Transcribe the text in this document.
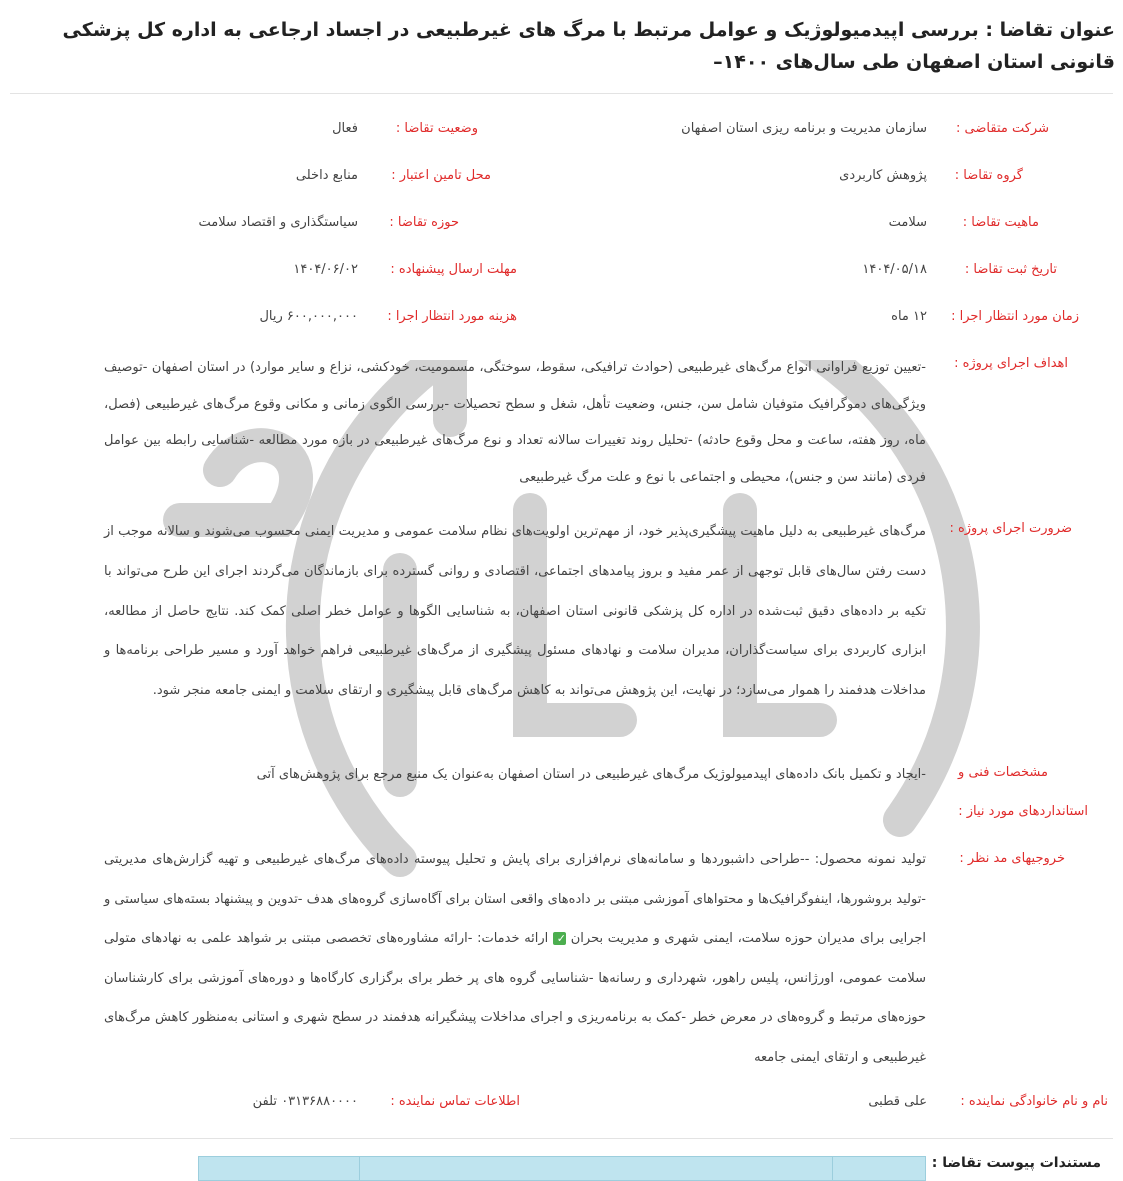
عنوان تقاضا : بررسی اپیدمیولوژیک و عوامل مرتبط با مرگ های غیرطبیعی در اجساد ارجاعی به اداره کل پزشکی قانونی استان اصفهان طی سال‌های ۱۴۰۰–
شرکت متقاضی :
سازمان مدیریت و برنامه ریزی استان اصفهان
وضعیت تقاضا :
فعال
گروه تقاضا :
پژوهش کاربردی
محل تامین اعتبار :
منابع داخلی
ماهیت تقاضا :
سلامت
حوزه تقاضا :
سیاستگذاری و اقتصاد سلامت
تاریخ ثبت تقاضا :
۱۴۰۴/۰۵/۱۸
مهلت ارسال پیشنهاده :
۱۴۰۴/۰۶/۰۲
زمان مورد انتظار اجرا :
۱۲ ماه
هزینه مورد انتظار اجرا :
۶۰۰,۰۰۰,۰۰۰ ریال
اهداف اجرای پروژه :

-تعیین توزیع فراوانی انواع مرگ‌های غیرطبیعی (حوادث ترافیکی، سقوط، سوختگی، مسمومیت، خودکشی، نزاع و سایر موارد) در استان اصفهان -توصیف ویژگی‌های دموگرافیک متوفیان شامل سن، جنس، وضعیت تأهل، شغل و سطح تحصیلات -بررسی الگوی زمانی و مکانی وقوع مرگ‌های غیرطبیعی (فصل، ماه، روز هفته، ساعت و محل وقوع حادثه) -تحلیل روند تغییرات سالانه تعداد و نوع مرگ‌های غیرطبیعی در بازه مورد مطالعه -شناسایی رابطه بین عوامل فردی (مانند سن و جنس)، محیطی و اجتماعی با نوع و علت مرگ غیرطبیعی

ضرورت اجرای پروژه :

مرگ‌های غیرطبیعی به دلیل ماهیت پیشگیری‌پذیر خود، از مهم‌ترین اولویت‌های نظام سلامت عمومی و مدیریت ایمنی محسوب می‌شوند و سالانه موجب از دست رفتن سال‌های قابل توجهی از عمر مفید و بروز پیامدهای اجتماعی، اقتصادی و روانی گسترده برای بازماندگان می‌گردند اجرای این طرح می‌تواند با تکیه بر داده‌های دقیق ثبت‌شده در اداره کل پزشکی قانونی استان اصفهان، به شناسایی الگوها و عوامل خطر اصلی کمک کند. نتایج حاصل از مطالعه، ابزاری کاربردی برای سیاست‌گذاران، مدیران سلامت و نهادهای مسئول پیشگیری از مرگ‌های غیرطبیعی فراهم خواهد آورد و مسیر طراحی برنامه‌ها و مداخلات هدفمند را هموار می‌سازد؛ در نهایت، این پژوهش می‌تواند به کاهش مرگ‌های قابل پیشگیری و ارتقای سلامت و ایمنی جامعه منجر شود.

مشخصات فنی و
استانداردهای مورد نیاز :

-ایجاد و تکمیل بانک داده‌های اپیدمیولوژیک مرگ‌های غیرطبیعی در استان اصفهان به‌عنوان یک منبع مرجع برای پژوهش‌های آتی

خروجیهای مد نظر :

تولید نمونه محصول: --طراحی داشبوردها و سامانه‌های نرم‌افزاری برای پایش و تحلیل پیوسته داده‌های مرگ‌های غیرطبیعی و تهیه گزارش‌های مدیریتی -تولید بروشورها، اینفوگرافیک‌ها و محتواهای آموزشی مبتنی بر داده‌های واقعی استان برای آگاه‌سازی گروه‌های هدف -تدوین و پیشنهاد بسته‌های سیاستی و اجرایی برای مدیران حوزه سلامت، ایمنی شهری و مدیریت بحران ✓ ارائه خدمات: -ارائه مشاوره‌های تخصصی مبتنی بر شواهد علمی به نهادهای متولی سلامت عمومی، اورژانس، پلیس راهور، شهرداری و رسانه‌ها -شناسایی گروه های پر خطر برای برگزاری کارگاه‌ها و دوره‌های آموزشی برای کارشناسان حوزه‌های مرتبط و گروه‌های در معرض خطر -کمک به برنامه‌ریزی و اجرای مداخلات پیشگیرانه هدفمند در سطح شهری و استانی به‌منظور کاهش مرگ‌های غیرطبیعی و ارتقای ایمنی جامعه

نام و نام خانوادگی نماینده :
علی قطبی
اطلاعات تماس نماینده :
۰۳۱۳۶۸۸۰۰۰۰ تلفن
مستندات پیوست تقاضا :
